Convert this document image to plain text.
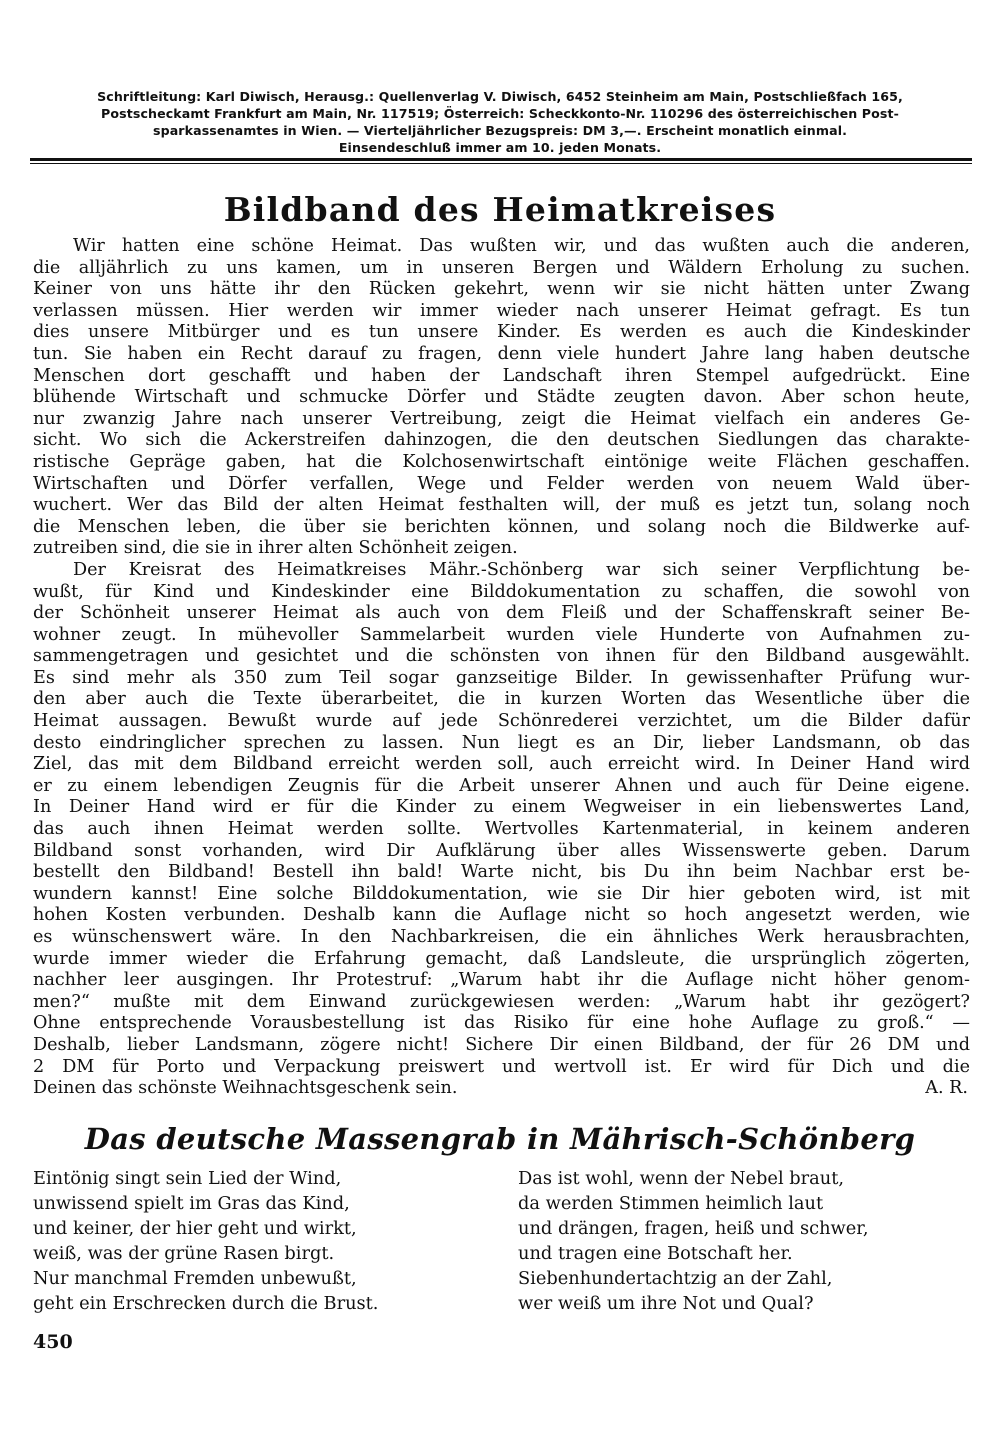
Schriftleitung: Karl Diwisch, Herausg.: Quellenverlag V. Diwisch, 6452 Steinheim am Main, Postschließfach 165,
Postscheckamt Frankfurt am Main, Nr. 117519; Österreich: Scheckkonto-Nr. 110296 des österreichischen Post-
sparkassenamtes in Wien. — Vierteljährlicher Bezugspreis: DM 3,—. Erscheint monatlich einmal.
Einsendeschluß immer am 10. jeden Monats.
Bildband des Heimatkreises
Wir hatten eine schöne Heimat. Das wußten wir, und das wußten auch die anderen,
die alljährlich zu uns kamen, um in unseren Bergen und Wäldern Erholung zu suchen.
Keiner von uns hätte ihr den Rücken gekehrt, wenn wir sie nicht hätten unter Zwang
verlassen müssen. Hier werden wir immer wieder nach unserer Heimat gefragt. Es tun
dies unsere Mitbürger und es tun unsere Kinder. Es werden es auch die Kindeskinder
tun. Sie haben ein Recht darauf zu fragen, denn viele hundert Jahre lang haben deutsche
Menschen dort geschafft und haben der Landschaft ihren Stempel aufgedrückt. Eine
blühende Wirtschaft und schmucke Dörfer und Städte zeugten davon. Aber schon heute,
nur zwanzig Jahre nach unserer Vertreibung, zeigt die Heimat vielfach ein anderes Ge-
sicht. Wo sich die Ackerstreifen dahinzogen, die den deutschen Siedlungen das charakte-
ristische Gepräge gaben, hat die Kolchosenwirtschaft eintönige weite Flächen geschaffen.
Wirtschaften und Dörfer verfallen, Wege und Felder werden von neuem Wald über-
wuchert. Wer das Bild der alten Heimat festhalten will, der muß es jetzt tun, solang noch
die Menschen leben, die über sie berichten können, und solang noch die Bildwerke auf-
zutreiben sind, die sie in ihrer alten Schönheit zeigen.
Der Kreisrat des Heimatkreises Mähr.-Schönberg war sich seiner Verpflichtung be-
wußt, für Kind und Kindeskinder eine Bilddokumentation zu schaffen, die sowohl von
der Schönheit unserer Heimat als auch von dem Fleiß und der Schaffenskraft seiner Be-
wohner zeugt. In mühevoller Sammelarbeit wurden viele Hunderte von Aufnahmen zu-
sammengetragen und gesichtet und die schönsten von ihnen für den Bildband ausgewählt.
Es sind mehr als 350 zum Teil sogar ganzseitige Bilder. In gewissenhafter Prüfung wur-
den aber auch die Texte überarbeitet, die in kurzen Worten das Wesentliche über die
Heimat aussagen. Bewußt wurde auf jede Schönrederei verzichtet, um die Bilder dafür
desto eindringlicher sprechen zu lassen. Nun liegt es an Dir, lieber Landsmann, ob das
Ziel, das mit dem Bildband erreicht werden soll, auch erreicht wird. In Deiner Hand wird
er zu einem lebendigen Zeugnis für die Arbeit unserer Ahnen und auch für Deine eigene.
In Deiner Hand wird er für die Kinder zu einem Wegweiser in ein liebenswertes Land,
das auch ihnen Heimat werden sollte. Wertvolles Kartenmaterial, in keinem anderen
Bildband sonst vorhanden, wird Dir Aufklärung über alles Wissenswerte geben. Darum
bestellt den Bildband! Bestell ihn bald! Warte nicht, bis Du ihn beim Nachbar erst be-
wundern kannst! Eine solche Bilddokumentation, wie sie Dir hier geboten wird, ist mit
hohen Kosten verbunden. Deshalb kann die Auflage nicht so hoch angesetzt werden, wie
es wünschenswert wäre. In den Nachbarkreisen, die ein ähnliches Werk herausbrachten,
wurde immer wieder die Erfahrung gemacht, daß Landsleute, die ursprünglich zögerten,
nachher leer ausgingen. Ihr Protestruf: „Warum habt ihr die Auflage nicht höher genom-
men?“ mußte mit dem Einwand zurückgewiesen werden: „Warum habt ihr gezögert?
Ohne entsprechende Vorausbestellung ist das Risiko für eine hohe Auflage zu groß.“ —
Deshalb, lieber Landsmann, zögere nicht! Sichere Dir einen Bildband, der für 26 DM und
2 DM für Porto und Verpackung preiswert und wertvoll ist. Er wird für Dich und die
Deinen das schönste Weihnachtsgeschenk sein.	A. R.
Das deutsche Massengrab in Mährisch-Schönberg
Eintönig singt sein Lied der Wind,
unwissend spielt im Gras das Kind,
und keiner, der hier geht und wirkt,
weiß, was der grüne Rasen birgt.
Nur manchmal Fremden unbewußt,
geht ein Erschrecken durch die Brust.
Das ist wohl, wenn der Nebel braut,
da werden Stimmen heimlich laut
und drängen, fragen, heiß und schwer,
und tragen eine Botschaft her.
Siebenhundertachtzig an der Zahl,
wer weiß um ihre Not und Qual?
450
